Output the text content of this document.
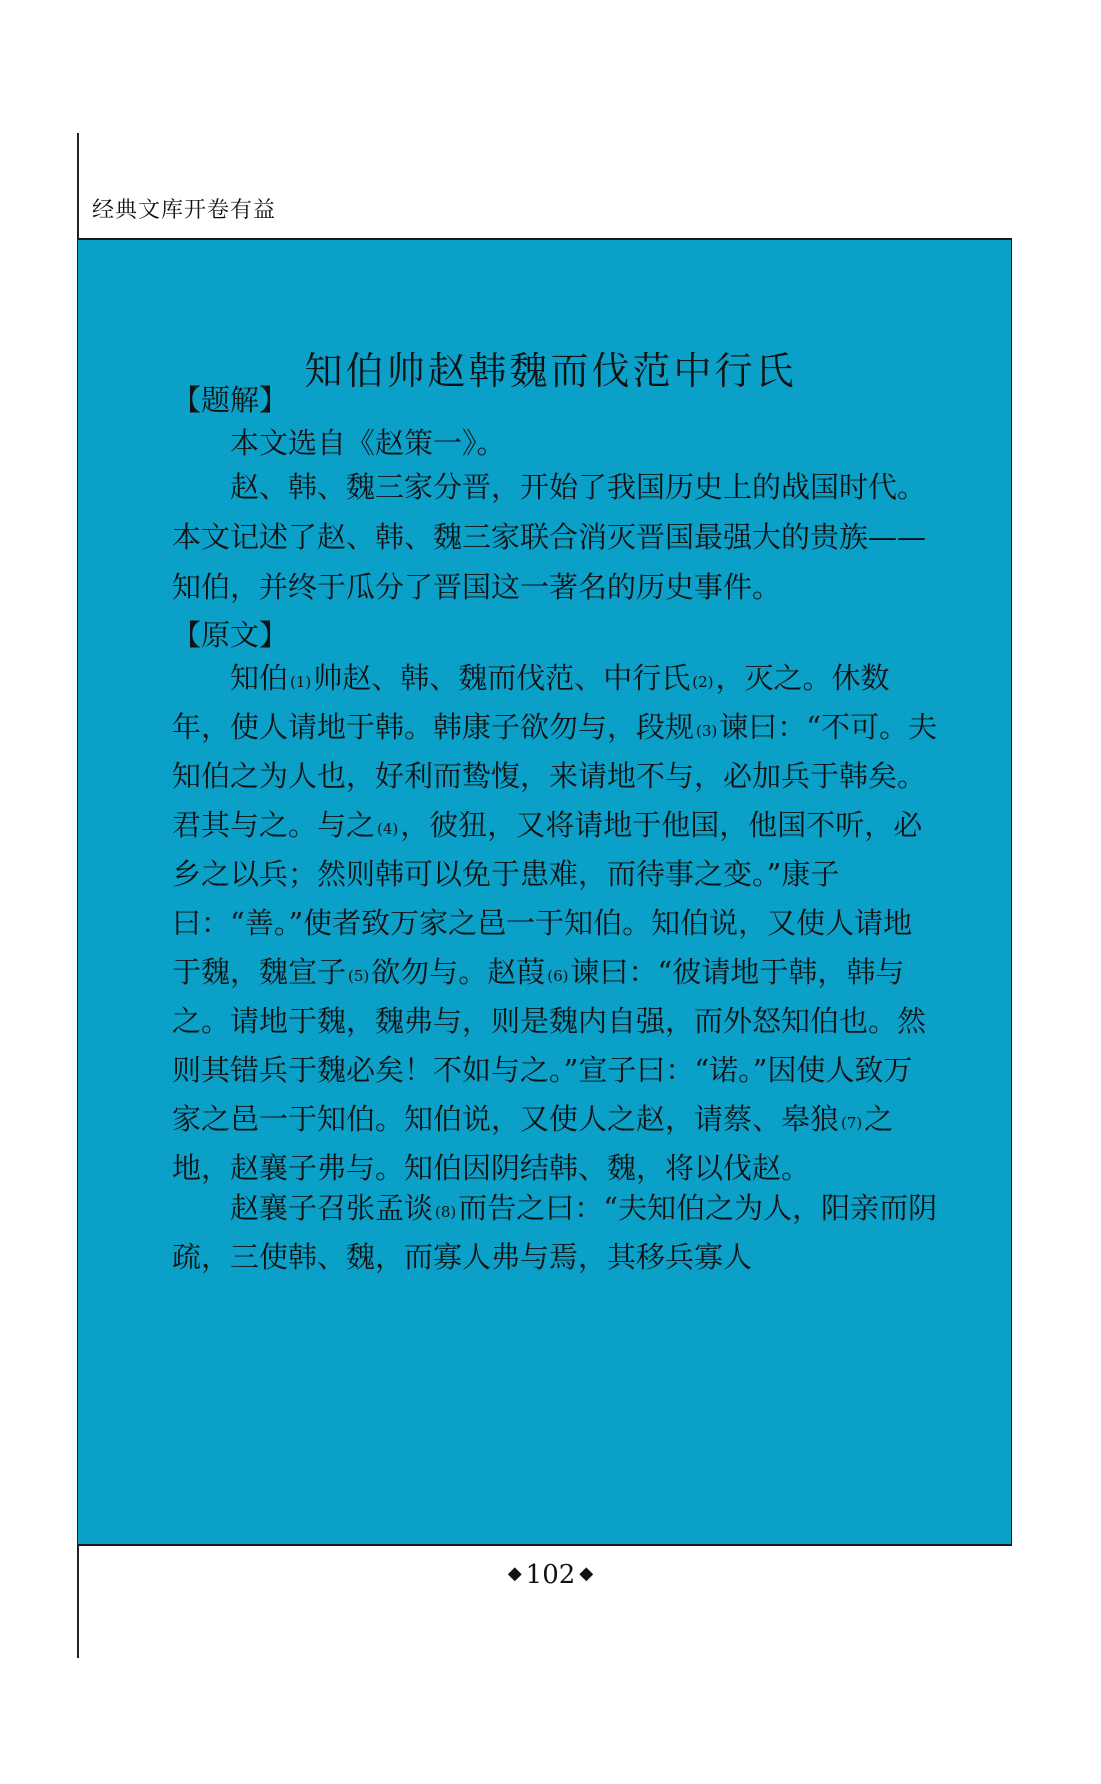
经典文库开卷有益
知伯帅赵韩魏而伐范中行氏
【题解】

本文选自《赵策一》。

赵、韩、魏三家分晋，开始了我国历史上的战国时代。本文记述了赵、韩、魏三家联合消灭晋国最强大的贵族——知伯，并终于瓜分了晋国这一著名的历史事件。

【原文】

知伯 $^{(1)}$帅赵、韩、魏而伐范、中行氏 $^{(2)}$，灭之。休数年，使人请地于韩。韩康子欲勿与，段规 $^{(3)}$谏曰：“不可。夫知伯之为人也，好利而鸷愎，来请地不与，必加兵于韩矣。君其与之。与之 $^{(4)}$，彼狃，又将请地于他国，他国不听，必乡之以兵；然则韩可以免于患难，而待事之变。”康子曰：“善。”使者致万家之邑一于知伯。知伯说，又使人请地于魏，魏宣子 $^{(5)}$欲勿与。赵葭 $^{(6)}$谏曰：“彼请地于韩，韩与之。请地于魏，魏弗与，则是魏内自强，而外怒知伯也。然则其错兵于魏必矣！不如与之。”宣子曰：“诺。”因使人致万家之邑一于知伯。知伯说，又使人之赵，请蔡、皋狼 $^{(7)}$之地，赵襄子弗与。知伯因阴结韩、魏，将以伐赵。

赵襄子召张孟谈 $^{(8)}$而告之曰：“夫知伯之为人，阳亲而阴疏，三使韩、魏，而寡人弗与焉，其移兵寡人

◆ 102 ◆
